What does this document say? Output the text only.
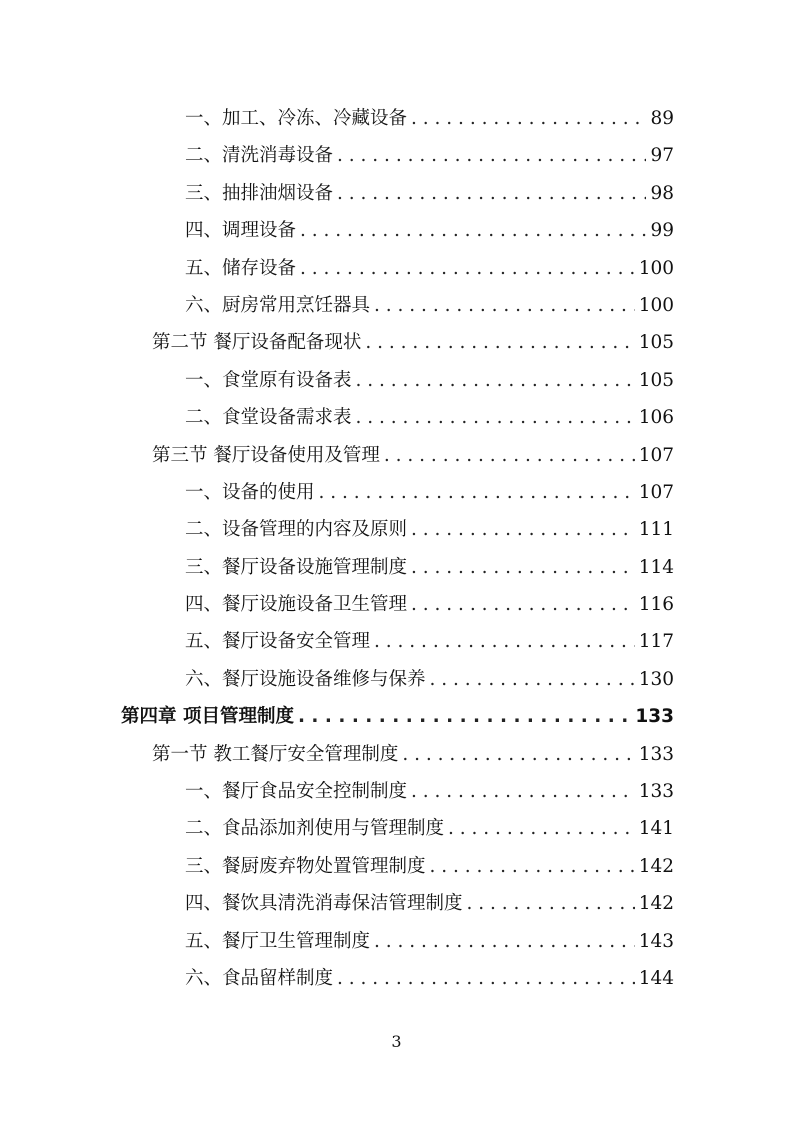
一、加工、冷冻、冷藏设备 . . .	89
二、清洗消毒设备 . . .	97
三、抽排油烟设备 . . .	98
四、调理设备 . . .	99
五、储存设备 . . .	100
六、厨房常用烹饪器具 . . .	100
第二节 餐厅设备配备现状 . . .	105
一、食堂原有设备表 . . .	105
二、食堂设备需求表 . . .	106
第三节 餐厅设备使用及管理 . . .	107
一、设备的使用 . . .	107
二、设备管理的内容及原则 . . .	111
三、餐厅设备设施管理制度 . . .	114
四、餐厅设施设备卫生管理 . . .	116
五、餐厅设备安全管理 . . .	117
六、餐厅设施设备维修与保养 . . .	130
第四章 项目管理制度 . . .	133
第一节 教工餐厅安全管理制度 . . .	133
一、餐厅食品安全控制制度 . . .	133
二、食品添加剂使用与管理制度 . . .	141
三、餐厨废弃物处置管理制度 . . .	142
四、餐饮具清洗消毒保洁管理制度 . . .	142
五、餐厅卫生管理制度 . . .	143
六、食品留样制度 . . .	144
3
